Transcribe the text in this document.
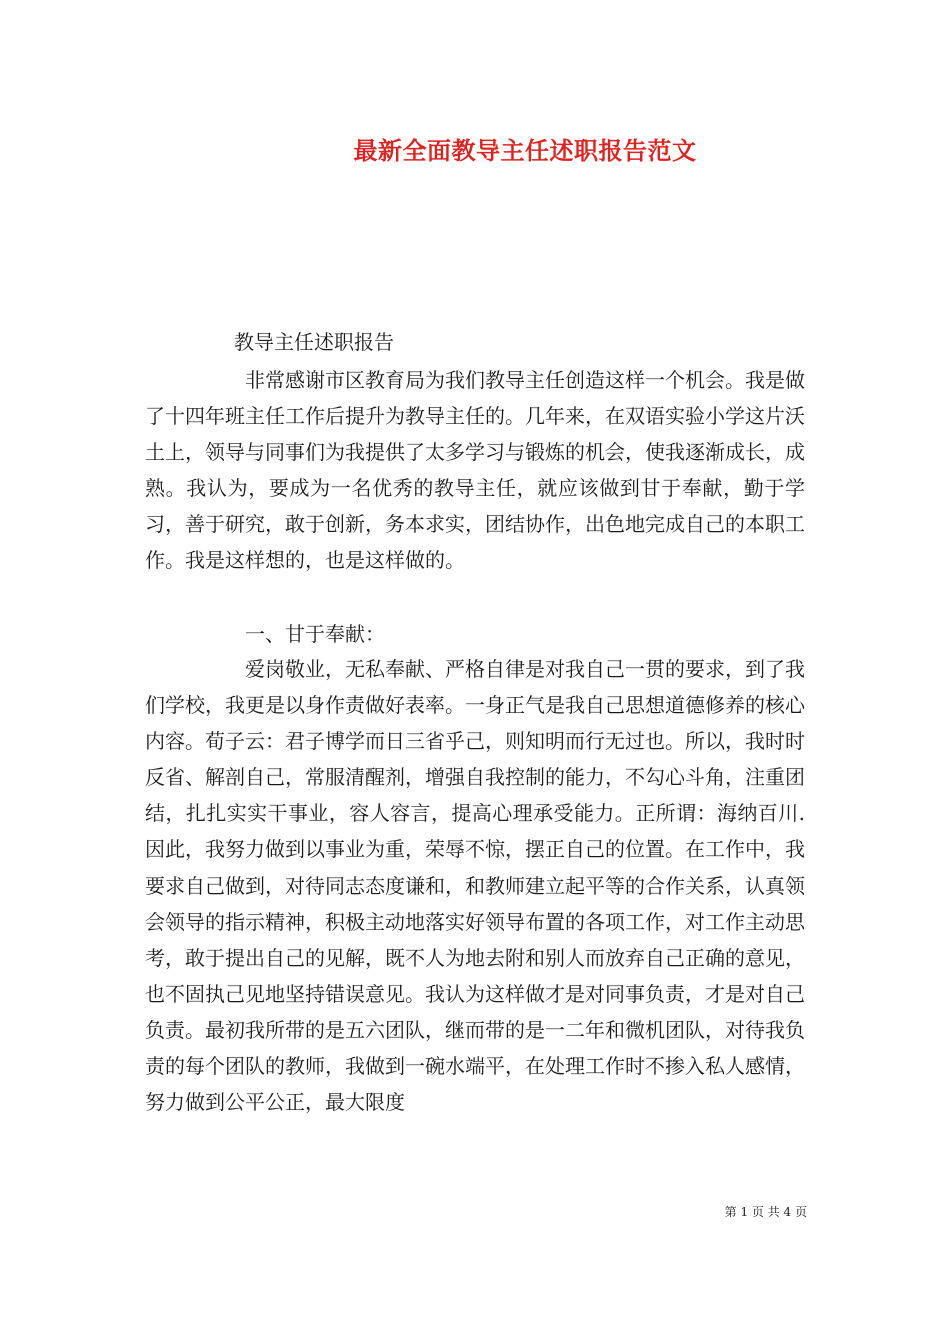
最新全面教导主任述职报告范文
教导主任述职报告
非常感谢市区教育局为我们教导主任创造这样一个机会。我是做了十四年班主任工作后提升为教导主任的。几年来，在双语实验小学这片沃土上，领导与同事们为我提供了太多学习与锻炼的机会，使我逐渐成长，成熟。我认为，要成为一名优秀的教导主任，就应该做到甘于奉献，勤于学习，善于研究，敢于创新，务本求实，团结协作，出色地完成自己的本职工作。我是这样想的，也是这样做的。
一、甘于奉献：
爱岗敬业，无私奉献、严格自律是对我自己一贯的要求，到了我们学校，我更是以身作责做好表率。一身正气是我自己思想道德修养的核心内容。荀子云：君子博学而日三省乎己，则知明而行无过也。所以，我时时反省、解剖自己，常服清醒剂，增强自我控制的能力，不勾心斗角，注重团结，扎扎实实干事业，容人容言，提高心理承受能力。正所谓：海纳百川.因此，我努力做到以事业为重，荣辱不惊，摆正自己的位置。在工作中，我要求自己做到，对待同志态度谦和，和教师建立起平等的合作关系，认真领会领导的指示精神，积极主动地落实好领导布置的各项工作，对工作主动思考，敢于提出自己的见解，既不人为地去附和别人而放弃自己正确的意见，也不固执己见地坚持错误意见。我认为这样做才是对同事负责，才是对自己负责。最初我所带的是五六团队，继而带的是一二年和微机团队，对待我负责的每个团队的教师，我做到一碗水端平，在处理工作时不掺入私人感情，努力做到公平公正，最大限度
第 1 页 共 4 页
